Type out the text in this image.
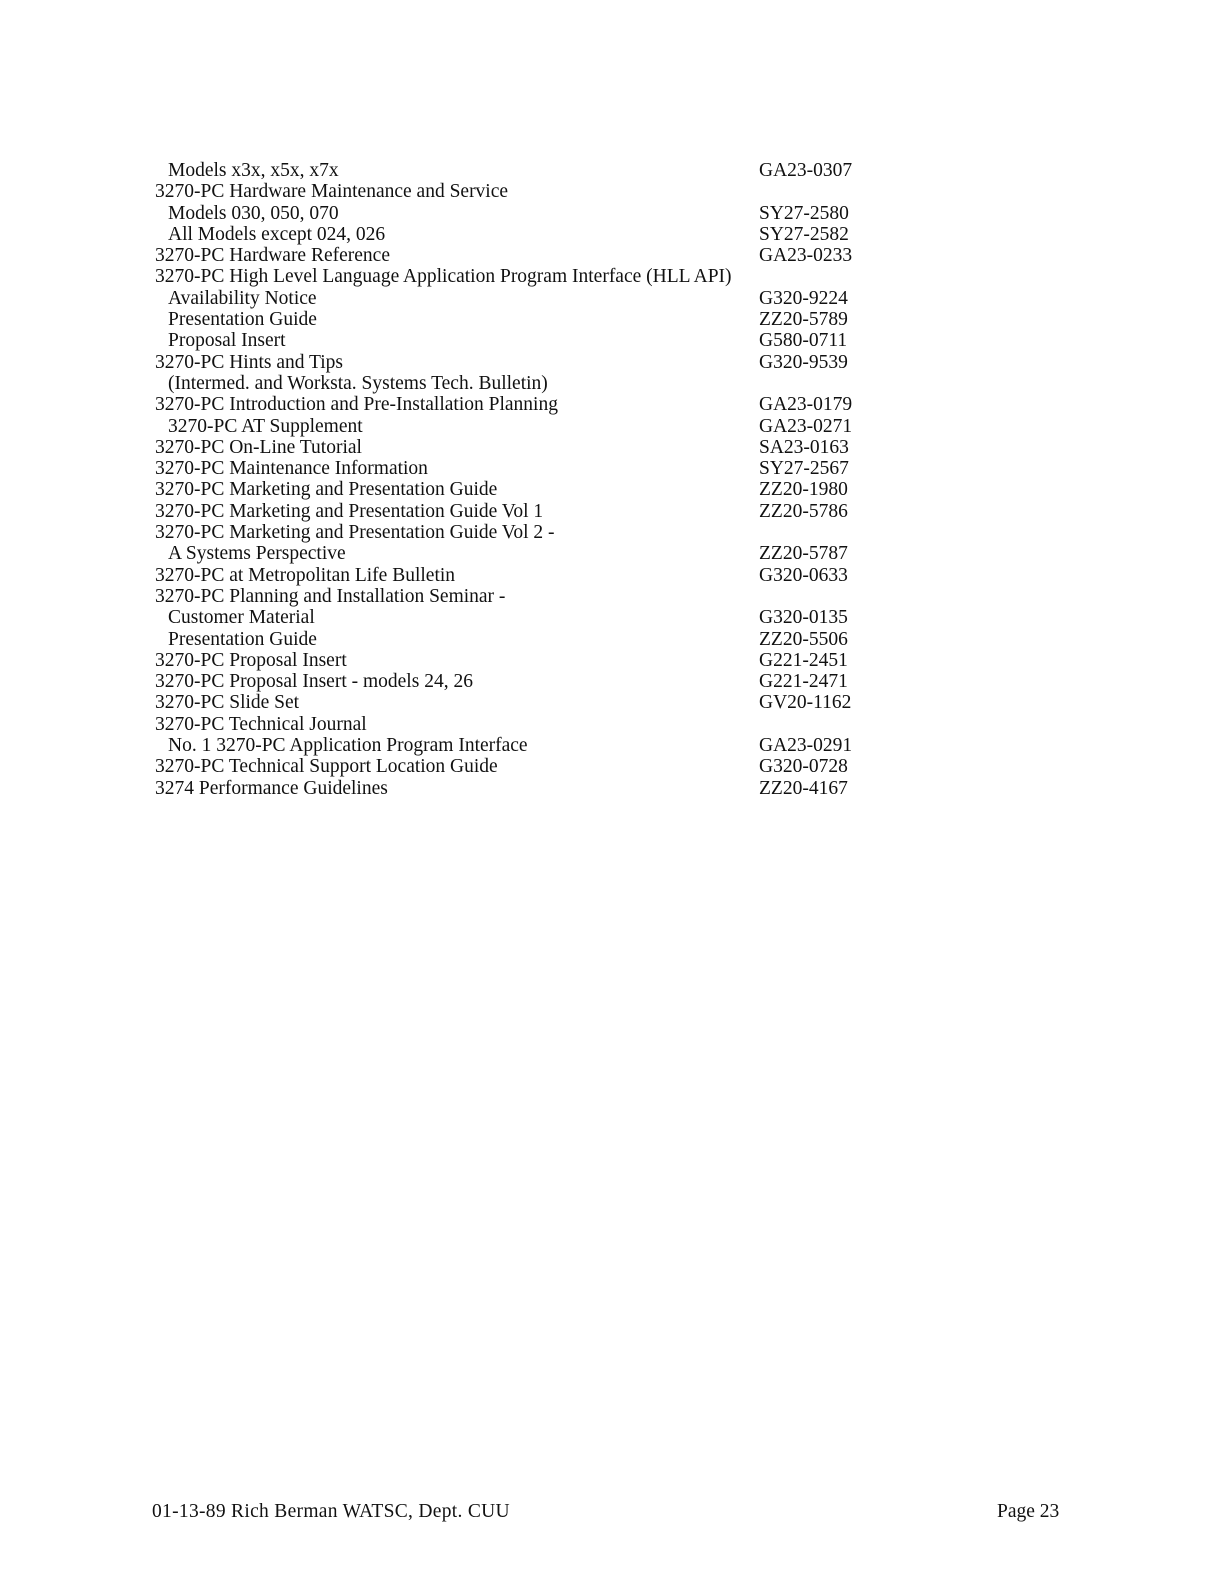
Models x3x, x5x, x7x	GA23-0307
3270-PC Hardware Maintenance and Service
Models 030, 050, 070	SY27-2580
All Models except 024, 026	SY27-2582
3270-PC Hardware Reference	GA23-0233
3270-PC High Level Language Application Program Interface (HLL API)
Availability Notice	G320-9224
Presentation Guide	ZZ20-5789
Proposal Insert	G580-0711
3270-PC Hints and Tips	G320-9539
(Intermed. and Worksta. Systems Tech. Bulletin)
3270-PC Introduction and Pre-Installation Planning	GA23-0179
3270-PC AT Supplement	GA23-0271
3270-PC On-Line Tutorial	SA23-0163
3270-PC Maintenance Information	SY27-2567
3270-PC Marketing and Presentation Guide	ZZ20-1980
3270-PC Marketing and Presentation Guide Vol 1	ZZ20-5786
3270-PC Marketing and Presentation Guide Vol 2 -
A Systems Perspective	ZZ20-5787
3270-PC at Metropolitan Life Bulletin	G320-0633
3270-PC Planning and Installation Seminar -
Customer Material	G320-0135
Presentation Guide	ZZ20-5506
3270-PC Proposal Insert	G221-2451
3270-PC Proposal Insert - models 24, 26	G221-2471
3270-PC Slide Set	GV20-1162
3270-PC Technical Journal
No. 1 3270-PC Application Program Interface	GA23-0291
3270-PC Technical Support Location Guide	G320-0728
3274 Performance Guidelines	ZZ20-4167
01-13-89 Rich Berman WATSC, Dept. CUU	Page 23
